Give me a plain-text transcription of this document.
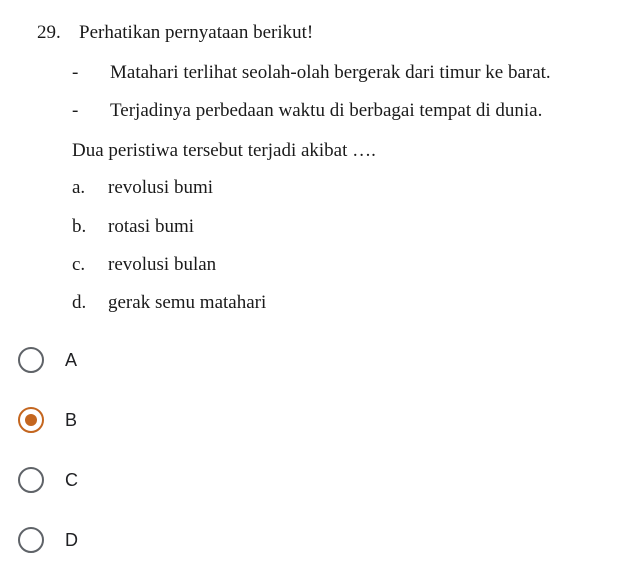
29. Perhatikan pernyataan berikut!
- Matahari terlihat seolah-olah bergerak dari timur ke barat.
- Terjadinya perbedaan waktu di berbagai tempat di dunia.
Dua peristiwa tersebut terjadi akibat ….
a. revolusi bumi
b. rotasi bumi
c. revolusi bulan
d. gerak semu matahari
A
B
C
D
